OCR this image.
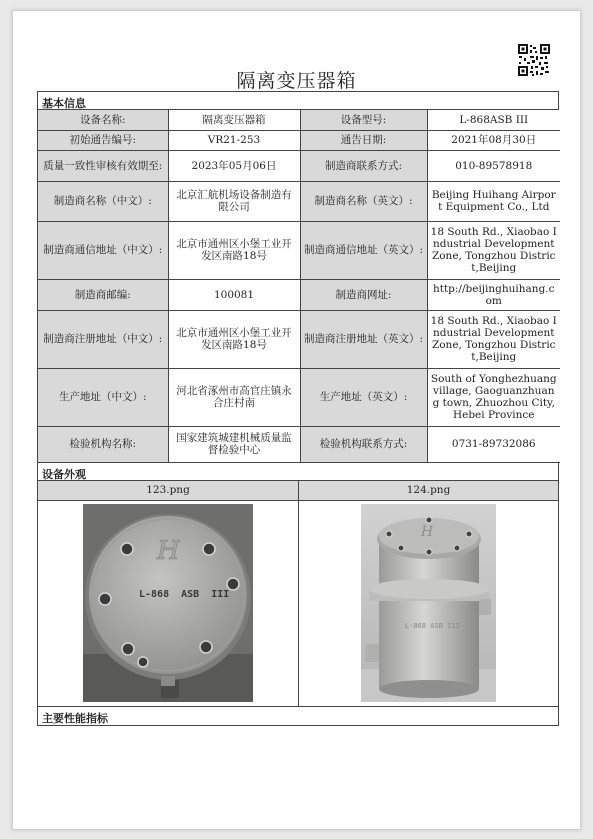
隔离变压器箱
基本信息
设备名称:	隔离变压器箱	设备型号:	L-868ASB III
初始通告编号:	VR21-253	通告日期:	2021年08月30日
质量一致性审核有效期至:	2023年05月06日	制造商联系方式:	010-89578918
制造商名称（中文）:	北京汇航机场设备制造有限公司	制造商名称（英文）:	Beijing Huihang Airport Equipment Co., Ltd
制造商通信地址（中文）:	北京市通州区小堡工业开发区南路18号	制造商通信地址（英文）:	18 South Rd., Xiaobao Industrial Development Zone, Tongzhou District,Beijing
制造商邮编:	100081	制造商网址:	http://beijinghuihang.com
制造商注册地址（中文）:	北京市通州区小堡工业开发区南路18号	制造商注册地址（英文）:	18 South Rd., Xiaobao Industrial Development Zone, Tongzhou District,Beijing
生产地址（中文）:	河北省涿州市高官庄镇永合庄村南	生产地址（英文）:	South of Yonghezhuang village, Gaoguanzhuang town, Zhuozhou City, Hebei Province
检验机构名称:	国家建筑城建机械质量监督检验中心	检验机构联系方式:	0731-89732086
设备外观
123.png
H
L-868  ASB  III
124.png
H
L-868 ASB III
主要性能指标
